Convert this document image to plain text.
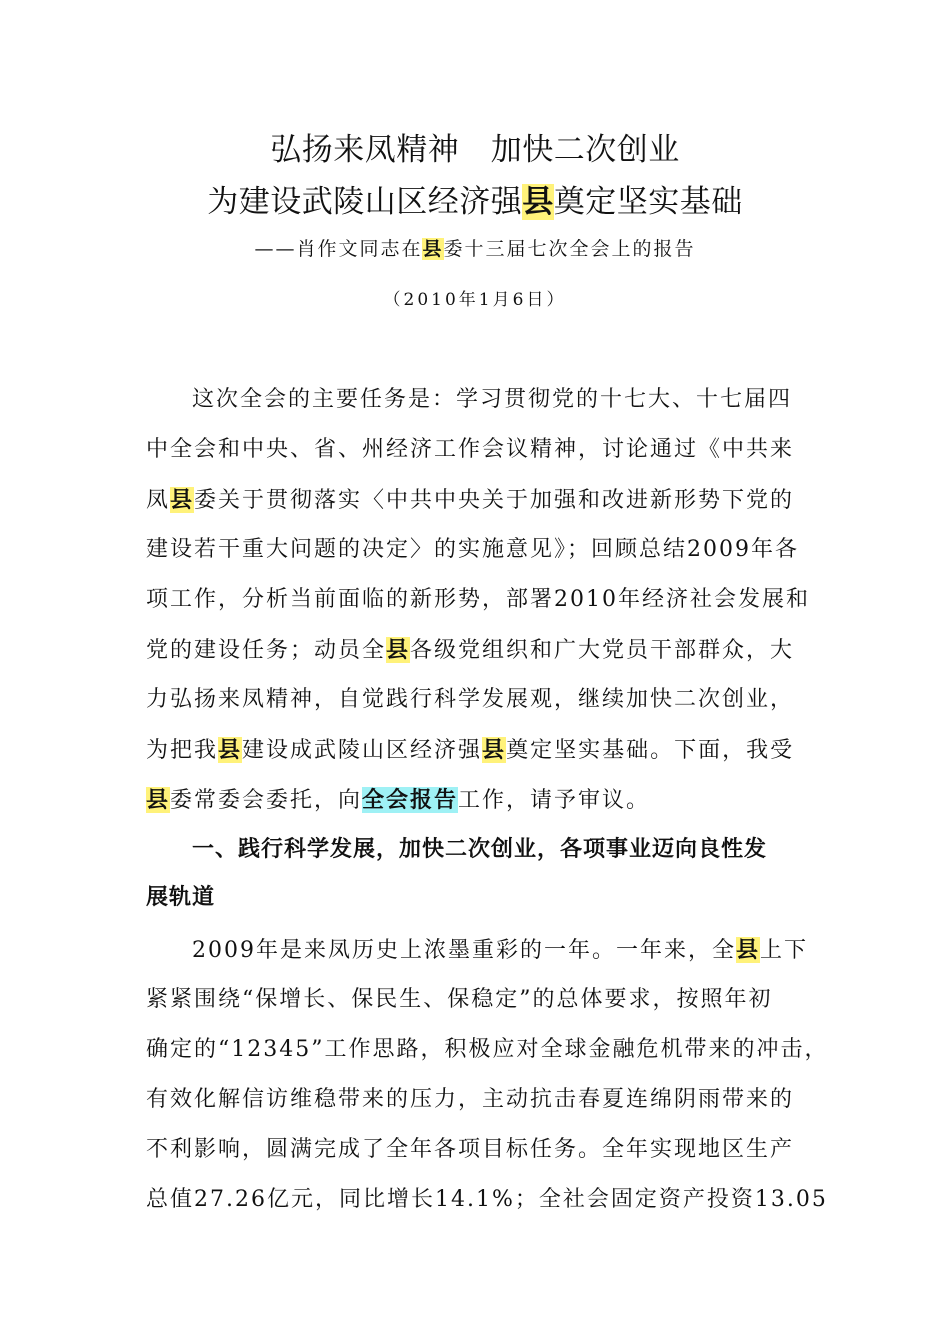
弘扬来凤精神　加快二次创业
为建设武陵山区经济强县奠定坚实基础
——肖作文同志在县委十三届七次全会上的报告
（2010年1月6日）
这次全会的主要任务是：学习贯彻党的十七大、十七届四
中全会和中央、省、州经济工作会议精神，讨论通过《中共来
凤县委关于贯彻落实〈中共中央关于加强和改进新形势下党的
建设若干重大问题的决定〉的实施意见》；回顾总结2009年各
项工作，分析当前面临的新形势，部署2010年经济社会发展和
党的建设任务；动员全县各级党组织和广大党员干部群众，大
力弘扬来凤精神，自觉践行科学发展观，继续加快二次创业，
为把我县建设成武陵山区经济强县奠定坚实基础。下面，我受
县委常委会委托，向全会报告工作，请予审议。
一、践行科学发展，加快二次创业，各项事业迈向良性发
展轨道
2009年是来凤历史上浓墨重彩的一年。一年来，全县上下
紧紧围绕“保增长、保民生、保稳定”的总体要求，按照年初
确定的“12345”工作思路，积极应对全球金融危机带来的冲击，
有效化解信访维稳带来的压力，主动抗击春夏连绵阴雨带来的
不利影响，圆满完成了全年各项目标任务。全年实现地区生产
总值27.26亿元，同比增长14.1%；全社会固定资产投资13.05
